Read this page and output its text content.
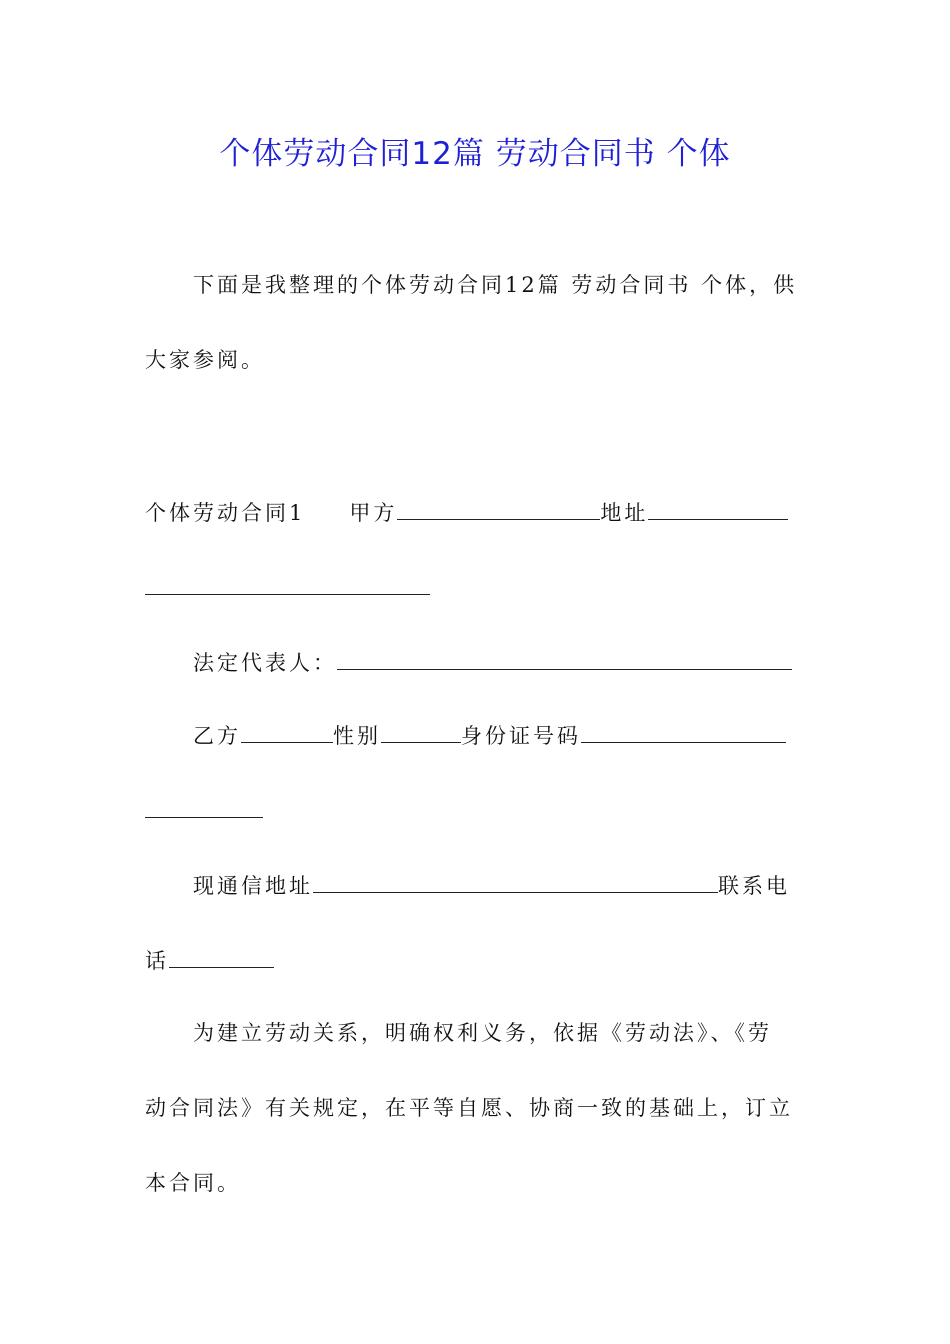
个体劳动合同12篇 劳动合同书 个体
下面是我整理的个体劳动合同12篇 劳动合同书 个体，供
大家参阅。
个体劳动合同1 甲方	地址
法定代表人：
乙方	性别	身份证号码
现通信地址	联系电
话
为建立劳动关系，明确权利义务，依据《劳动法》、《劳
动合同法》有关规定，在平等自愿、协商一致的基础上，订立
本合同。
